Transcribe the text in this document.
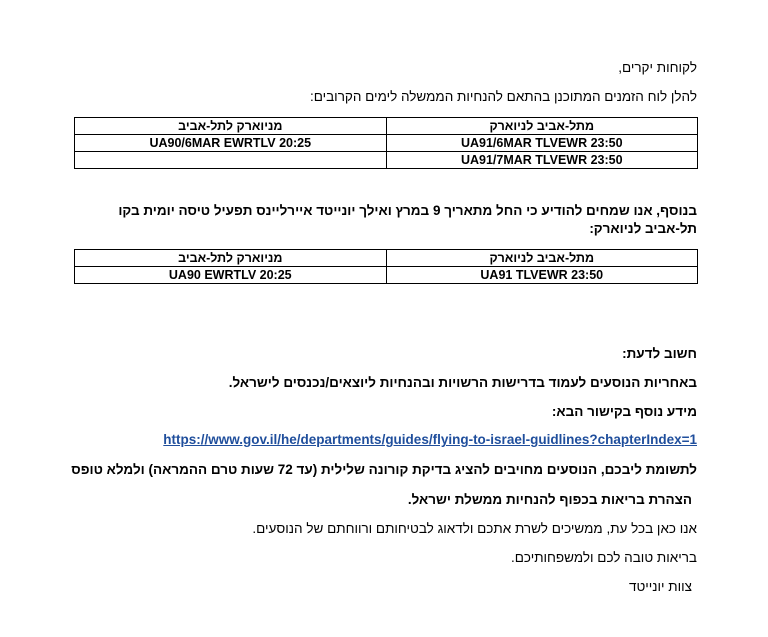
לקוחות יקרים,
להלן לוח הזמנים המתוכנן בהתאם להנחיות הממשלה לימים הקרובים:
מתל-אביב לניוארק	מניוארק לתל-אביב
UA91/6MAR TLVEWR 23:50	UA90/6MAR EWRTLV 20:25
UA91/7MAR TLVEWR 23:50	
בנוסף, אנו שמחים להודיע כי החל מתאריך 9 במרץ ואילך יונייטד איירליינס תפעיל טיסה יומית בקו תל-אביב לניוארק:
מתל-אביב לניוארק	מניוארק לתל-אביב
UA91 TLVEWR 23:50	UA90 EWRTLV 20:25
חשוב לדעת:
באחריות הנוסעים לעמוד בדרישות הרשויות ובהנחיות ליוצאים/נכנסים לישראל.
מידע נוסף בקישור הבא:
https://www.gov.il/he/departments/guides/flying-to-israel-guidlines?chapterIndex=1
לתשומת ליבכם, הנוסעים מחויבים להציג בדיקת קורונה שלילית (עד 72 שעות טרם ההמראה) ולמלא טופס
הצהרת בריאות בכפוף להנחיות ממשלת ישראל.
אנו כאן בכל עת, ממשיכים לשרת אתכם ולדאוג לבטיחותם ורווחתם של הנוסעים.
בריאות טובה לכם ולמשפחותיכם.
צוות יונייטד
